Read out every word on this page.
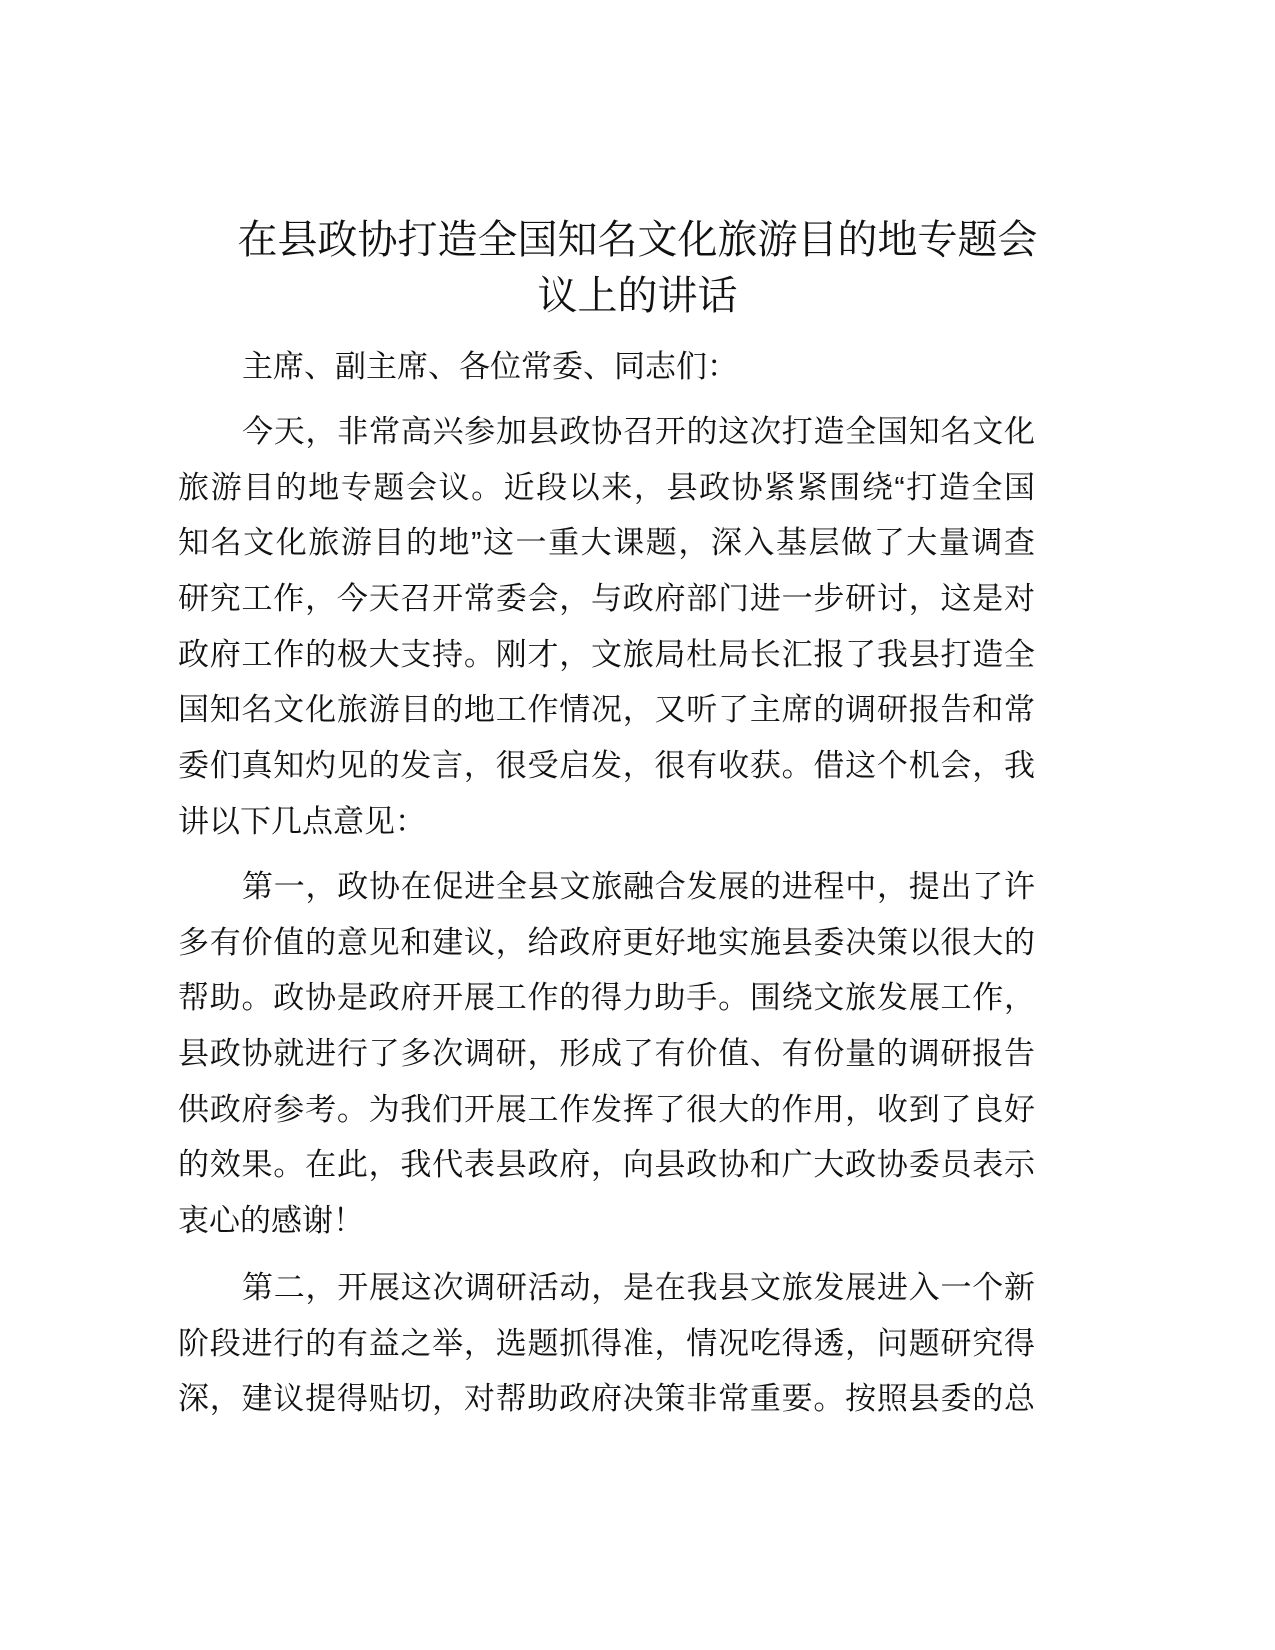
在县政协打造全国知名文化旅游目的地专题会
议上的讲话
主席、副主席、各位常委、同志们：
今天，非常高兴参加县政协召开的这次打造全国知名文化
旅游目的地专题会议。近段以来，县政协紧紧围绕“打造全国
知名文化旅游目的地”这一重大课题，深入基层做了大量调查
研究工作，今天召开常委会，与政府部门进一步研讨，这是对
政府工作的极大支持。刚才，文旅局杜局长汇报了我县打造全
国知名文化旅游目的地工作情况，又听了主席的调研报告和常
委们真知灼见的发言，很受启发，很有收获。借这个机会，我
讲以下几点意见：
第一，政协在促进全县文旅融合发展的进程中，提出了许
多有价值的意见和建议，给政府更好地实施县委决策以很大的
帮助。政协是政府开展工作的得力助手。围绕文旅发展工作，
县政协就进行了多次调研，形成了有价值、有份量的调研报告
供政府参考。为我们开展工作发挥了很大的作用，收到了良好
的效果。在此，我代表县政府，向县政协和广大政协委员表示
衷心的感谢！
第二，开展这次调研活动，是在我县文旅发展进入一个新
阶段进行的有益之举，选题抓得准，情况吃得透，问题研究得
深，建议提得贴切，对帮助政府决策非常重要。按照县委的总
